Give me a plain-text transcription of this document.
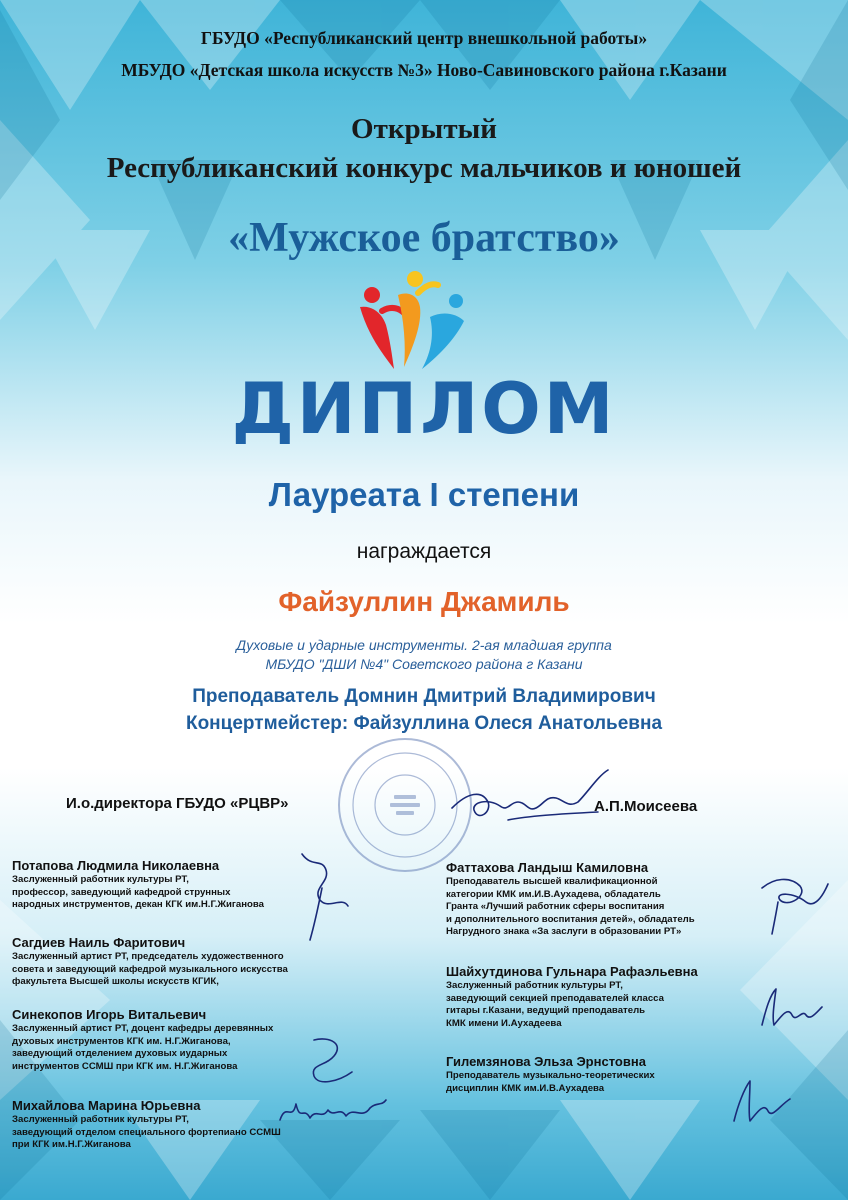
ГБУДО «Республиканский центр внешкольной работы»
МБУДО «Детская школа искусств №3» Ново-Савиновского района г.Казани
Открытый
Республиканский конкурс мальчиков и юношей
«Мужское братство»
ДИПЛОМ
Лауреата I степени
награждается
Файзуллин Джамиль
Духовые и ударные инструменты. 2-ая младшая группа
МБУДО "ДШИ №4" Советского района г Казани
Преподаватель Домнин Дмитрий Владимирович
Концертмейстер: Файзуллина Олеся Анатольевна
И.о.директора ГБУДО «РЦВР»	А.П.Моисеева
Потапова Людмила Николаевна
Заслуженный работник культуры РТ,
профессор, заведующий кафедрой струнных
народных инструментов, декан КГК им.Н.Г.Жиганова
Сагдиев Наиль Фаритович
Заслуженный артист РТ, председатель художественного
совета и заведующий кафедрой музыкального искусства
факультета Высшей школы искусств КГИК,
Синекопов Игорь Витальевич
Заслуженный артист РТ, доцент кафедры деревянных
духовых инструментов КГК им. Н.Г.Жиганова,
заведующий отделением духовых иударных
инструментов ССМШ при КГК им. Н.Г.Жиганова
Михайлова Марина Юрьевна
Заслуженный работник культуры РТ,
заведующий отделом специального фортепиано ССМШ
при КГК им.Н.Г.Жиганова
Фаттахова Ландыш Камиловна
Преподаватель высшей квалификационной
категории КМК им.И.В.Аухадева, обладатель
Гранта «Лучший работник сферы воспитания
и дополнительного воспитания детей», обладатель
Нагрудного знака «За заслуги в образовании РТ»
Шайхутдинова Гульнара Рафаэльевна
Заслуженный работник культуры РТ,
заведующий секцией преподавателей класса
гитары г.Казани, ведущий преподаватель
КМК имени И.Аухадеева
Гилемзянова Эльза Эрнстовна
Преподаватель музыкально-теоретических
дисциплин КМК им.И.В.Аухадева
